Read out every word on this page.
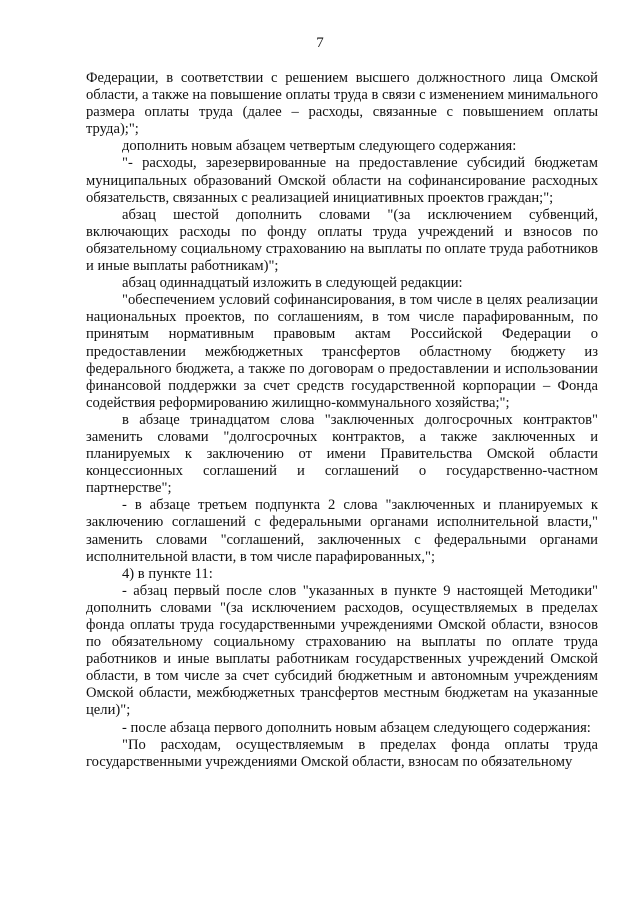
7

Федерации, в соответствии с решением высшего должностного лица Омской области, а также на повышение оплаты труда в связи с изменением минимального размера оплаты труда (далее – расходы, связанные с повышением оплаты труда);";

дополнить новым абзацем четвертым следующего содержания:

"- расходы, зарезервированные на предоставление субсидий бюджетам муниципальных образований Омской области на софинансирование расходных обязательств, связанных с реализацией инициативных проектов граждан;";

абзац шестой дополнить словами "(за исключением субвенций, включающих расходы по фонду оплаты труда учреждений и взносов по обязательному социальному страхованию на выплаты по оплате труда работников и иные выплаты работникам)";

абзац одиннадцатый изложить в следующей редакции:

"обеспечением условий софинансирования, в том числе в целях реализации национальных проектов, по соглашениям, в том числе парафированным, по принятым нормативным правовым актам Российской Федерации о предоставлении межбюджетных трансфертов областному бюджету из федерального бюджета, а также по договорам о предоставлении и использовании финансовой поддержки за счет средств государственной корпорации – Фонда содействия реформированию жилищно-коммунального хозяйства;";

в абзаце тринадцатом слова "заключенных долгосрочных контрактов" заменить словами "долгосрочных контрактов, а также заключенных и планируемых к заключению от имени Правительства Омской области концессионных соглашений и соглашений о государственно-частном партнерстве";

- в абзаце третьем подпункта 2 слова "заключенных и планируемых к заключению соглашений с федеральными органами исполнительной власти," заменить словами "соглашений, заключенных с федеральными органами исполнительной власти, в том числе парафированных,";

4) в пункте 11:

- абзац первый после слов "указанных в пункте 9 настоящей Методики" дополнить словами "(за исключением расходов, осуществляемых в пределах фонда оплаты труда государственными учреждениями Омской области, взносов по обязательному социальному страхованию на выплаты по оплате труда работников и иные выплаты работникам государственных учреждений Омской области, в том числе за счет субсидий бюджетным и автономным учреждениям Омской области, межбюджетных трансфертов местным бюджетам на указанные цели)";

- после абзаца первого дополнить новым абзацем следующего содержания:

"По расходам, осуществляемым в пределах фонда оплаты труда государственными учреждениями Омской области, взносам по обязательному
